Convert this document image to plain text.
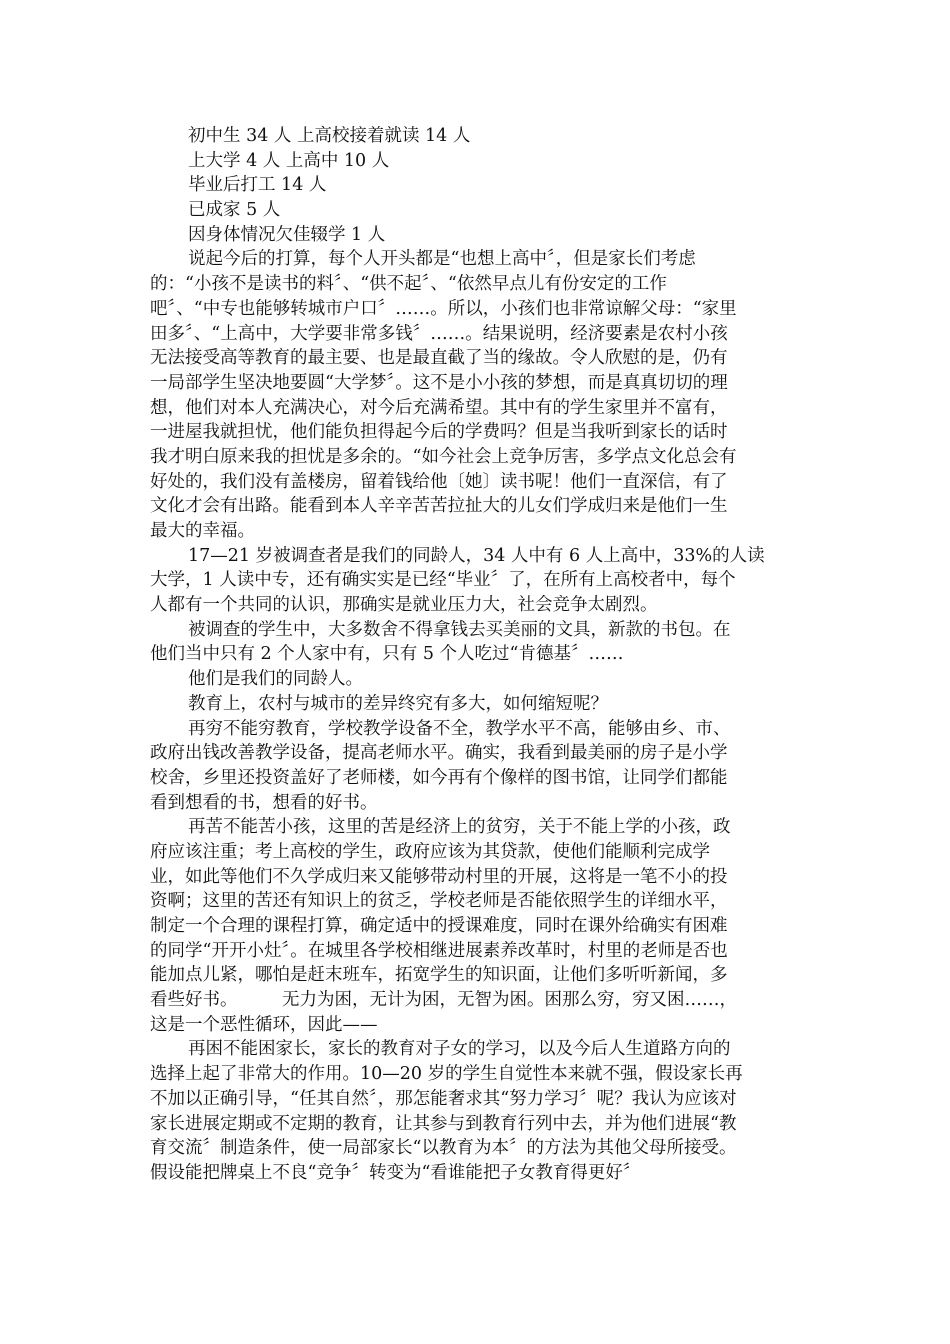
初中生 34 人 上高校接着就读 14 人
上大学 4 人 上高中 10 人
毕业后打工 14 人
已成家 5 人
因身体情况欠佳辍学 1 人
说起今后的打算，每个人开头都是“也想上高中〞，但是家长们考虑
的：“小孩不是读书的料〞、“供不起〞、“依然早点儿有份安定的工作
吧〞、“中专也能够转城市户口〞……。所以，小孩们也非常谅解父母：“家里
田多〞、“上高中，大学要非常多钱〞……。结果说明，经济要素是农村小孩
无法接受高等教育的最主要、也是最直截了当的缘故。令人欣慰的是，仍有
一局部学生坚决地要圆“大学梦〞。这不是小小孩的梦想，而是真真切切的理
想，他们对本人充满决心，对今后充满希望。其中有的学生家里并不富有，
一进屋我就担忧，他们能负担得起今后的学费吗？但是当我听到家长的话时
我才明白原来我的担忧是多余的。“如今社会上竞争厉害，多学点文化总会有
好处的，我们没有盖楼房，留着钱给他〔她〕读书呢！他们一直深信，有了
文化才会有出路。能看到本人辛辛苦苦拉扯大的儿女们学成归来是他们一生
最大的幸福。
17—21 岁被调查者是我们的同龄人，34 人中有 6 人上高中，33%的人读
大学，1 人读中专，还有确实实是已经“毕业〞了，在所有上高校者中，每个
人都有一个共同的认识，那确实是就业压力大，社会竞争太剧烈。
被调查的学生中，大多数舍不得拿钱去买美丽的文具，新款的书包。在
他们当中只有 2 个人家中有，只有 5 个人吃过“肯德基〞……
他们是我们的同龄人。
教育上，农村与城市的差异终究有多大，如何缩短呢？
再穷不能穷教育，学校教学设备不全，教学水平不高，能够由乡、市、
政府出钱改善教学设备，提高老师水平。确实，我看到最美丽的房子是小学
校舍，乡里还投资盖好了老师楼，如今再有个像样的图书馆，让同学们都能
看到想看的书，想看的好书。
再苦不能苦小孩，这里的苦是经济上的贫穷，关于不能上学的小孩，政
府应该注重；考上高校的学生，政府应该为其贷款，使他们能顺利完成学
业，如此等他们不久学成归来又能够带动村里的开展，这将是一笔不小的投
资啊；这里的苦还有知识上的贫乏，学校老师是否能依照学生的详细水平，
制定一个合理的课程打算，确定适中的授课难度，同时在课外给确实有困难
的同学“开开小灶〞。在城里各学校相继进展素养改革时，村里的老师是否也
能加点儿紧，哪怕是赶末班车，拓宽学生的知识面，让他们多听听新闻，多
看些好书。        无力为困，无计为困，无智为困。困那么穷，穷又困……，
这是一个恶性循环，因此——
再困不能困家长，家长的教育对子女的学习，以及今后人生道路方向的
选择上起了非常大的作用。10—20 岁的学生自觉性本来就不强，假设家长再
不加以正确引导，“任其自然〞，那怎能奢求其“努力学习〞呢？我认为应该对
家长进展定期或不定期的教育，让其参与到教育行列中去，并为他们进展“教
育交流〞制造条件，使一局部家长“以教育为本〞的方法为其他父母所接受。
假设能把牌桌上不良“竞争〞转变为“看谁能把子女教育得更好〞
